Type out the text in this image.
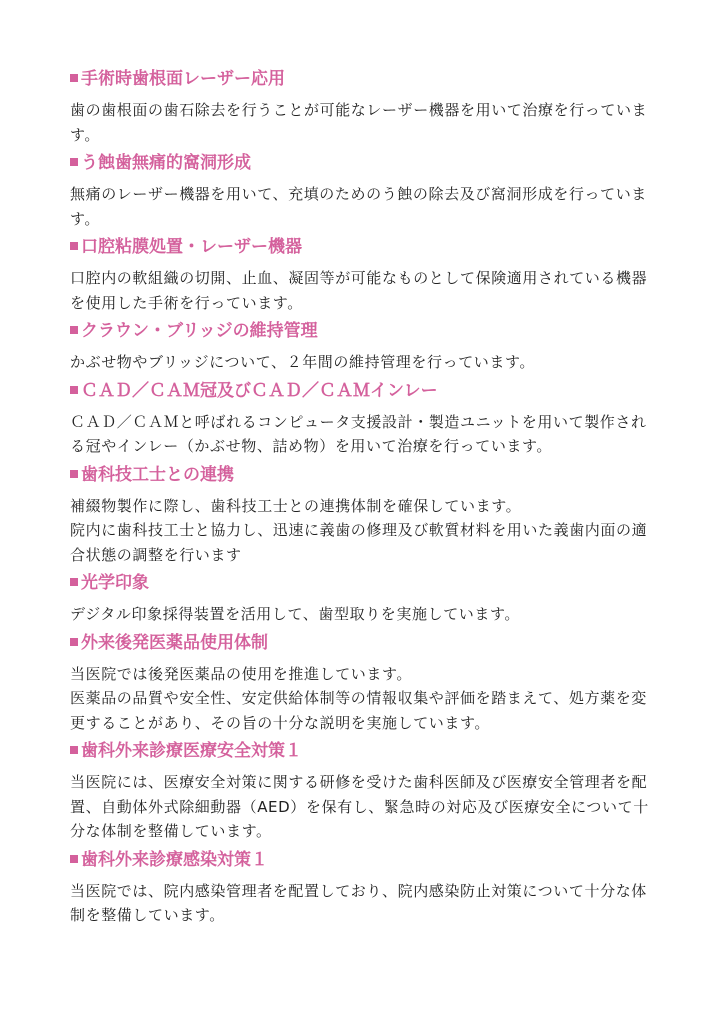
手術時歯根面レーザー応用

歯の歯根面の歯石除去を行うことが可能なレーザー機器を用いて治療を行っています。

う蝕歯無痛的窩洞形成

無痛のレーザー機器を用いて、充填のためのう蝕の除去及び窩洞形成を行っています。

口腔粘膜処置・レーザー機器

口腔内の軟組織の切開、止血、凝固等が可能なものとして保険適用されている機器を使用した手術を行っています。

クラウン・ブリッジの維持管理

かぶせ物やブリッジについて、２年間の維持管理を行っています。

ＣＡＤ／ＣＡＭ冠及びＣＡＤ／ＣＡＭインレー

ＣＡＤ／ＣＡＭと呼ばれるコンピュータ支援設計・製造ユニットを用いて製作される冠やインレー（かぶせ物、詰め物）を用いて治療を行っています。

歯科技工士との連携

補綴物製作に際し、歯科技工士との連携体制を確保しています。

院内に歯科技工士と協力し、迅速に義歯の修理及び軟質材料を用いた義歯内面の適合状態の調整を行います

光学印象

デジタル印象採得装置を活用して、歯型取りを実施しています。

外来後発医薬品使用体制

当医院では後発医薬品の使用を推進しています。

医薬品の品質や安全性、安定供給体制等の情報収集や評価を踏まえて、処方薬を変更することがあり、その旨の十分な説明を実施しています。

歯科外来診療医療安全対策１

当医院には、医療安全対策に関する研修を受けた歯科医師及び医療安全管理者を配置、自動体外式除細動器（AED）を保有し、緊急時の対応及び医療安全について十分な体制を整備しています。

歯科外来診療感染対策１

当医院では、院内感染管理者を配置しており、院内感染防止対策について十分な体制を整備しています。
